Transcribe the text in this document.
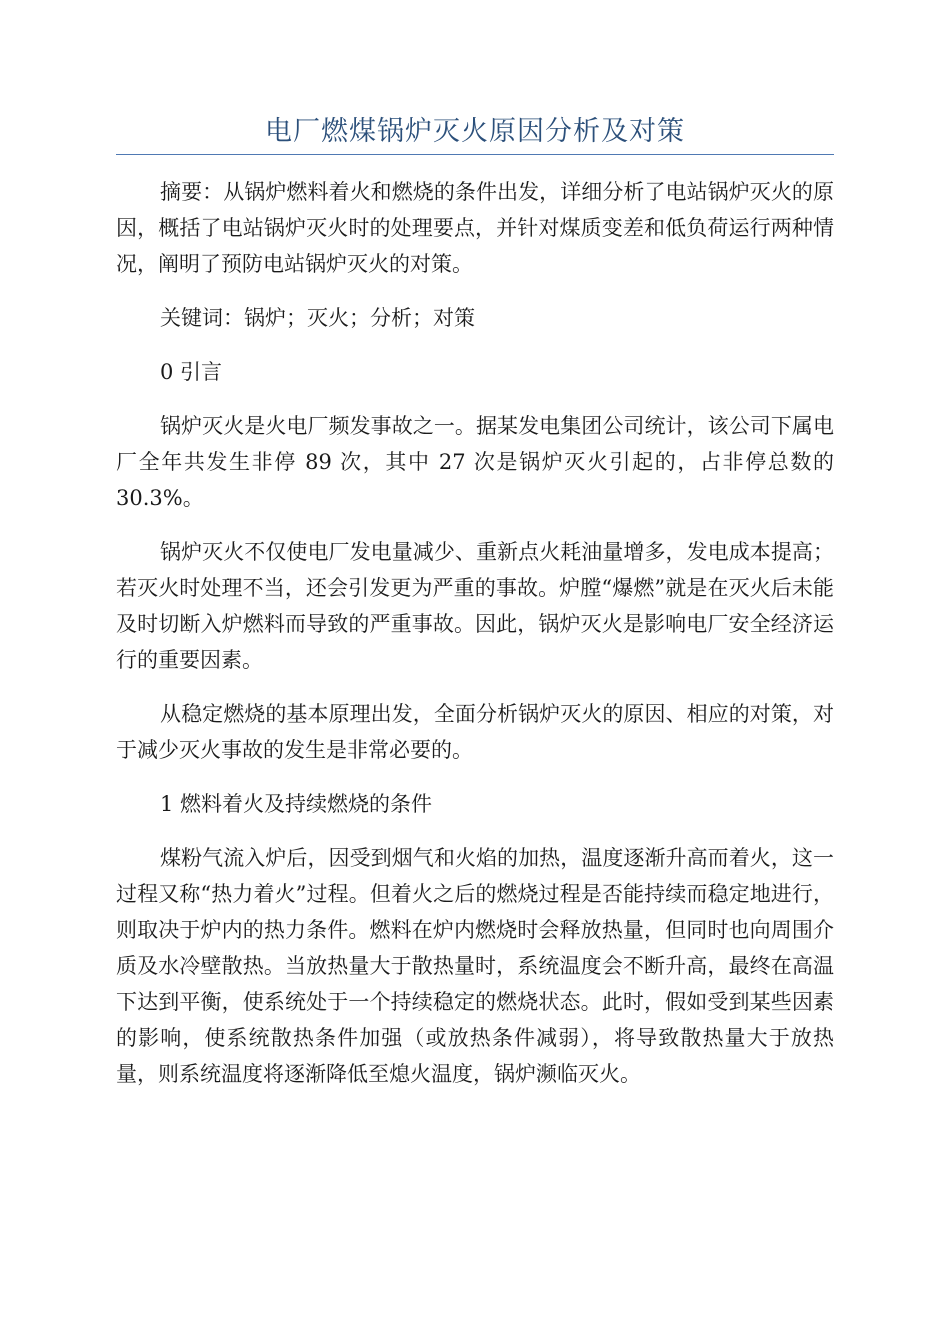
电厂燃煤锅炉灭火原因分析及对策

摘要：从锅炉燃料着火和燃烧的条件出发，详细分析了电站锅炉灭火的原因，概括了电站锅炉灭火时的处理要点，并针对煤质变差和低负荷运行两种情况，阐明了预防电站锅炉灭火的对策。

关键词：锅炉；灭火；分析；对策

0 引言

锅炉灭火是火电厂频发事故之一。据某发电集团公司统计，该公司下属电厂全年共发生非停 89 次，其中 27 次是锅炉灭火引起的，占非停总数的 30.3%。

锅炉灭火不仅使电厂发电量减少、重新点火耗油量增多，发电成本提高；若灭火时处理不当，还会引发更为严重的事故。炉膛“爆燃”就是在灭火后未能及时切断入炉燃料而导致的严重事故。因此，锅炉灭火是影响电厂安全经济运行的重要因素。

从稳定燃烧的基本原理出发，全面分析锅炉灭火的原因、相应的对策，对于减少灭火事故的发生是非常必要的。

1 燃料着火及持续燃烧的条件

煤粉气流入炉后，因受到烟气和火焰的加热，温度逐渐升高而着火，这一过程又称“热力着火”过程。但着火之后的燃烧过程是否能持续而稳定地进行，则取决于炉内的热力条件。燃料在炉内燃烧时会释放热量，但同时也向周围介质及水冷壁散热。当放热量大于散热量时，系统温度会不断升高，最终在高温下达到平衡，使系统处于一个持续稳定的燃烧状态。此时，假如受到某些因素的影响，使系统散热条件加强（或放热条件减弱），将导致散热量大于放热量，则系统温度将逐渐降低至熄火温度，锅炉濒临灭火。
